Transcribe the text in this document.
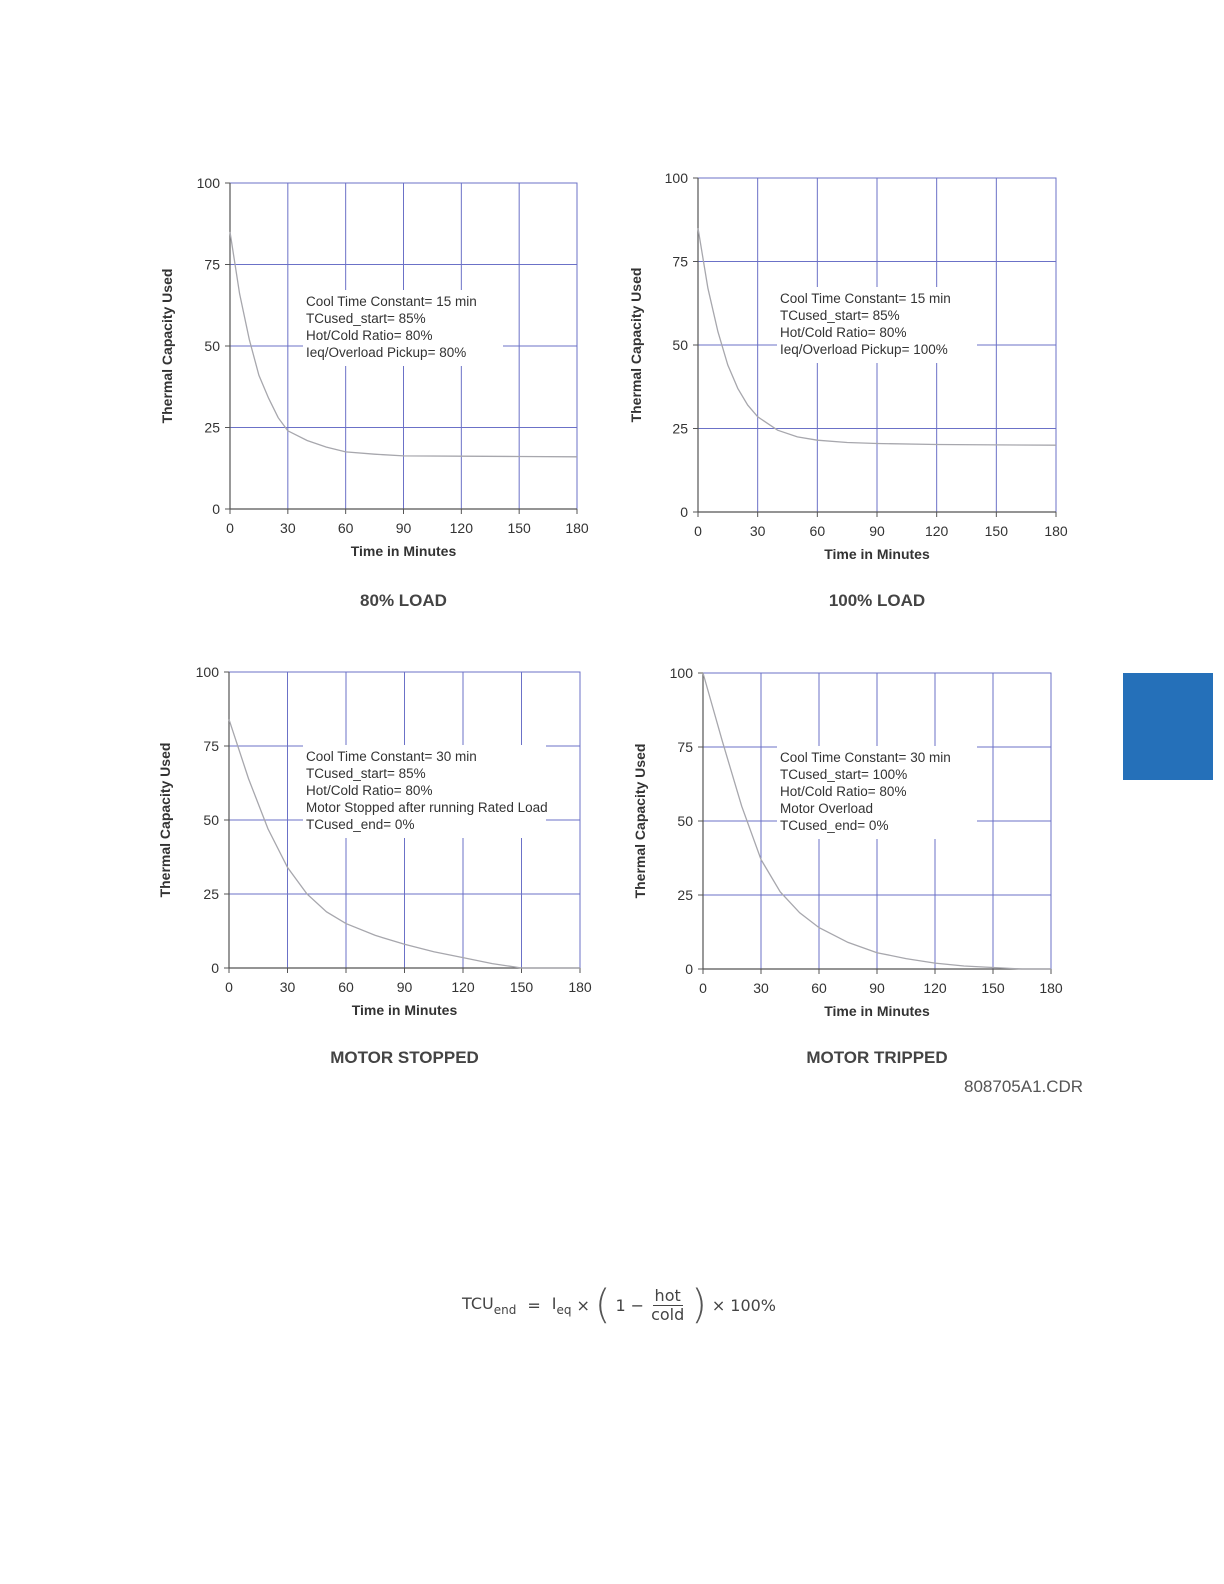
0
25
50
75
100
0	30	60	90	120 150 180
Cool Time Constant= 15 min
TCused_start= 85%
Hot/Cold Ratio= 80%
Ieq/Overload Pickup= 80%
Time in Minutes
Thermal Capacity Used
80% LOAD
0
25
50
75
100
0	30	60	90	120	150	180
Cool Time Constant= 15 min
TCused_start= 85%
Hot/Cold Ratio= 80%
Ieq/Overload Pickup= 100%
Time in Minutes
Thermal Capacity Used
100% LOAD
0
25
50
75
100
0	30	60	90	120	150	180
Cool Time Constant= 30 min
TCused_start= 85%
Hot/Cold Ratio= 80%
Motor Stopped after running Rated Load
TCused_end= 0%
Time in Minutes
Thermal Capacity Used
MOTOR STOPPED
0
25
50
75
100
0	30	60	90	120 150 180
Cool Time Constant= 30 min
TCused_start= 100%
Hot/Cold Ratio= 80%
Motor Overload
TCused_end= 0%
Time in Minutes
Thermal Capacity Used
MOTOR TRIPPED
808705A1.CDR
$TCU_{end} = I_{eq}$ × ( $1 - \frac{\text{hot}}{\text{cold}}$ ) × 100%
